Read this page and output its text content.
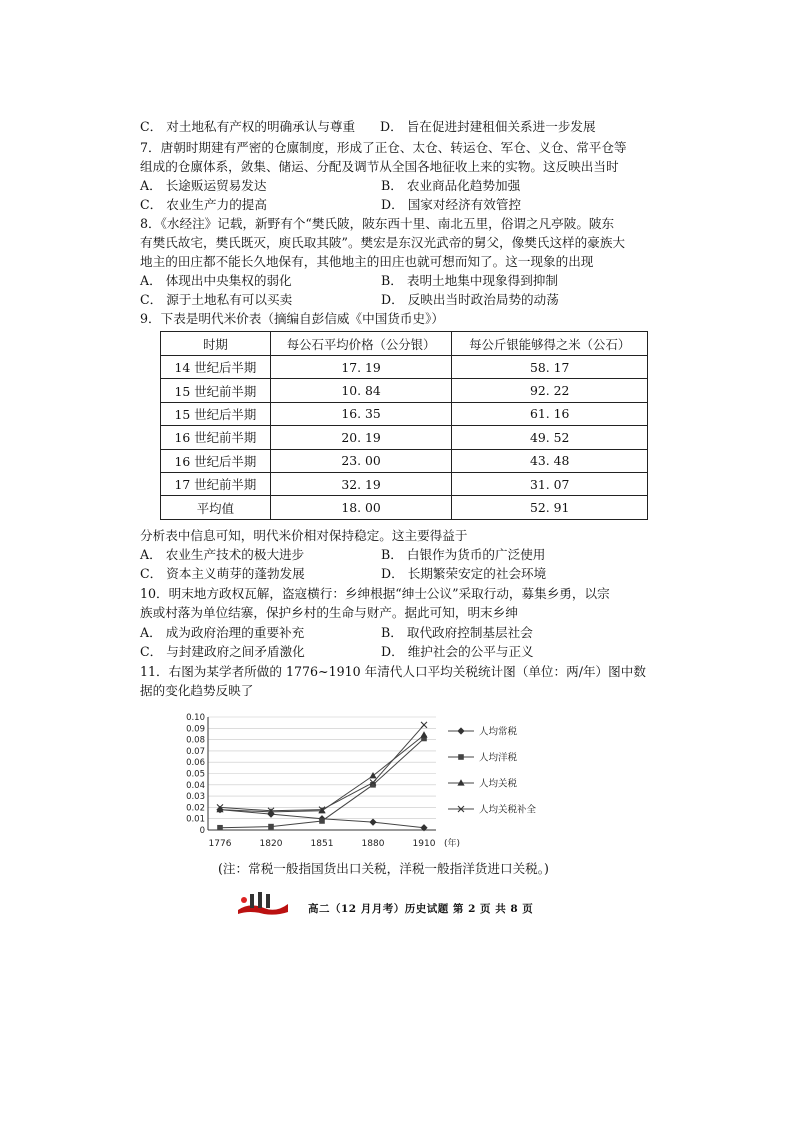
C． 对土地私有产权的明确承认与尊重 D． 旨在促进封建租佃关系进一步发展
7．唐朝时期建有严密的仓廪制度，形成了正仓、太仓、转运仓、军仓、义仓、常平仓等
组成的仓廪体系，敛集、储运、分配及调节从全国各地征收上来的实物。这反映出当时
A． 长途贩运贸易发达	B． 农业商品化趋势加强
C． 农业生产力的提高	D． 国家对经济有效管控
8．《水经注》记载，新野有个“樊氏陂，陂东西十里、南北五里，俗谓之凡亭陂。陂东
有樊氏故宅，樊氏既灭，庾氏取其陂”。樊宏是东汉光武帝的舅父，像樊氏这样的豪族大
地主的田庄都不能长久地保有，其他地主的田庄也就可想而知了。这一现象的出现
A． 体现出中央集权的弱化	B． 表明土地集中现象得到抑制
C． 源于土地私有可以买卖	D． 反映出当时政治局势的动荡
9．下表是明代米价表（摘编自彭信威《中国货币史》）
时期	每公石平均价格（公分银）	每公斤银能够得之米（公石）
14 世纪后半期	17. 19	58. 17
15 世纪前半期	10. 84	92. 22
15 世纪后半期	16. 35	61. 16
16 世纪前半期	20. 19	49. 52
16 世纪后半期	23. 00	43. 48
17 世纪前半期	32. 19	31. 07
平均值	18. 00	52. 91
分析表中信息可知，明代米价相对保持稳定。这主要得益于
A． 农业生产技术的极大进步	B． 白银作为货币的广泛使用
C． 资本主义萌芽的蓬勃发展	D． 长期繁荣安定的社会环境
10．明末地方政权瓦解，盗寇横行：乡绅根据“绅士公议”采取行动，募集乡勇，以宗
族或村落为单位结寨，保护乡村的生命与财产。据此可知，明末乡绅
A． 成为政府治理的重要补充	B． 取代政府控制基层社会
C． 与封建政府之间矛盾激化	D． 维护社会的公平与正义
11．右图为某学者所做的 1776~1910 年清代人口平均关税统计图（单位：两/年）图中数
据的变化趋势反映了
0
0.01
0.02
0.03
0.04
0.05
0.06
0.07
0.08
0.09
0.10
1776	1820	1851	1880	1910 (年)
人均常税
人均洋税
人均关税
人均关税补全
(注：常税一般指国货出口关税，洋税一般指洋货进口关税。)
高二（12 月月考）历史试题 第 2 页 共 8 页
